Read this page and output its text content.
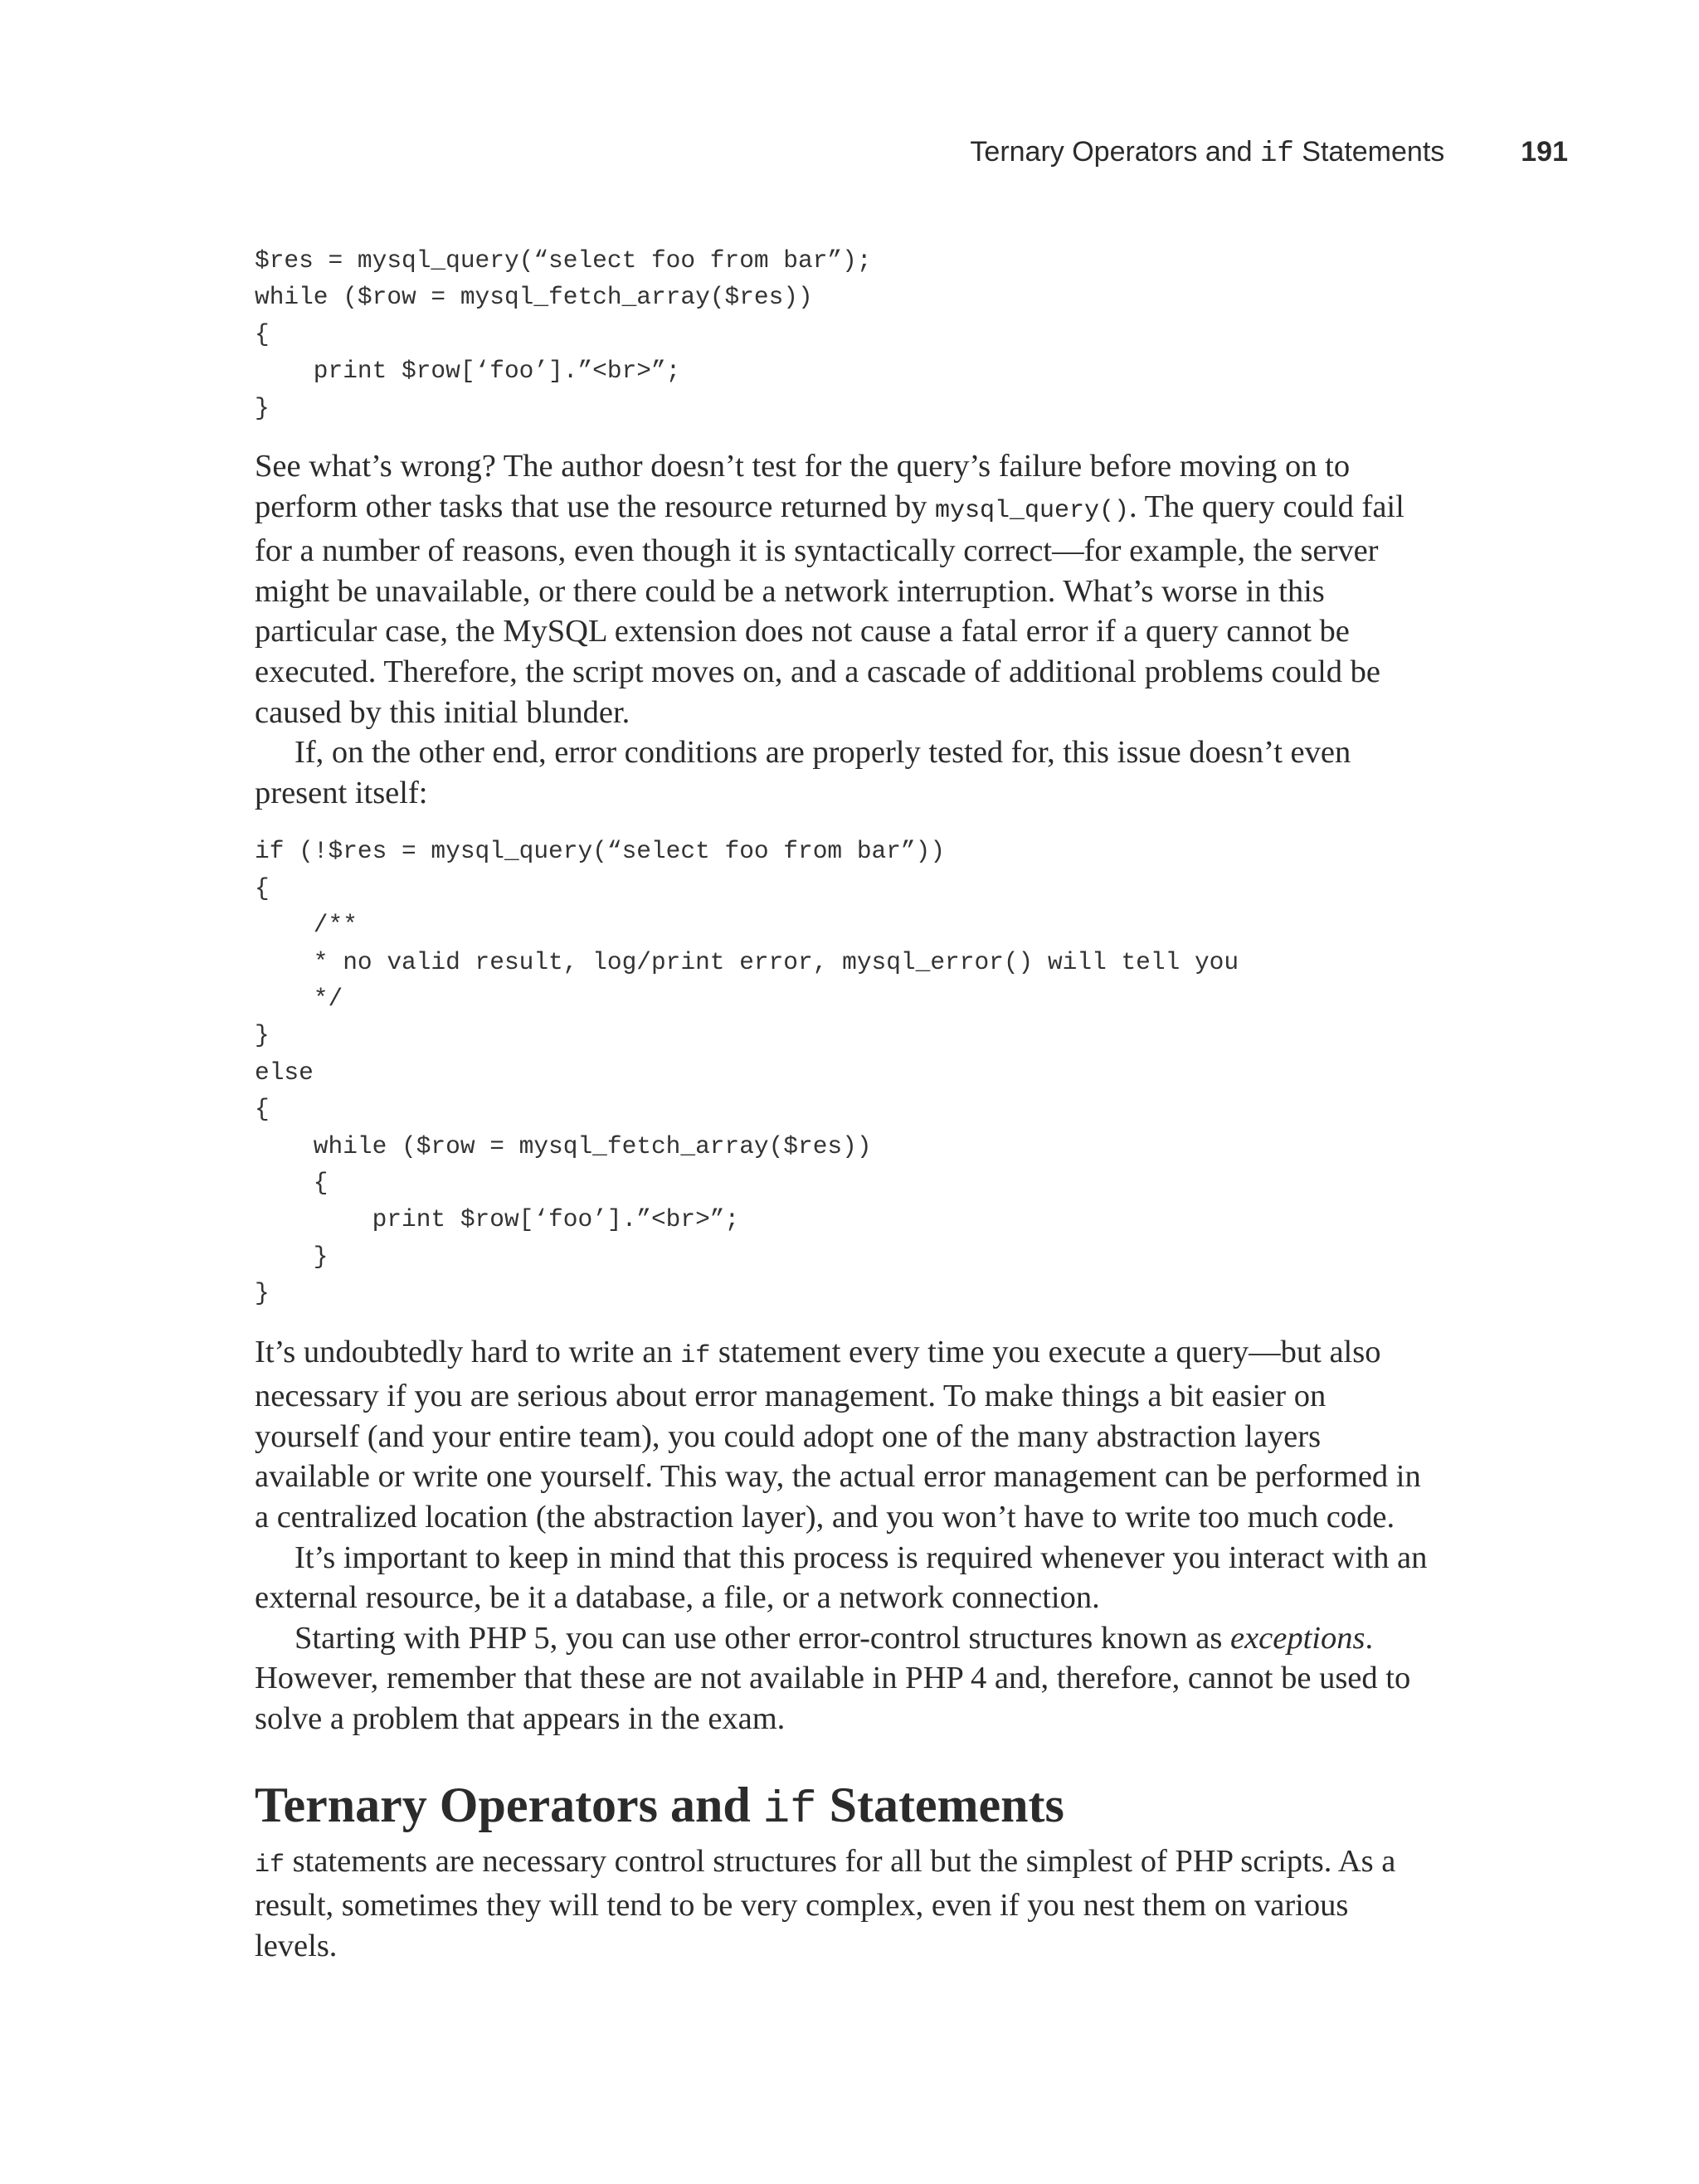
Ternary Operators and if Statements	191
$res = mysql_query(“select foo from bar”);
while ($row = mysql_fetch_array($res))
{
print $row[‘foo’].”<br>”;
}

See what’s wrong? The author doesn’t test for the query’s failure before moving on to perform other tasks that use the resource returned by mysql_query(). The query could fail for a number of reasons, even though it is syntactically correct—for example, the server might be unavailable, or there could be a network interruption. What’s worse in this particular case, the MySQL extension does not cause a fatal error if a query cannot be executed. Therefore, the script moves on, and a cascade of additional problems could be caused by this initial blunder.

If, on the other end, error conditions are properly tested for, this issue doesn’t even present itself:

if (!$res = mysql_query(“select foo from bar”))
{
/**
* no valid result, log/print error, mysql_error() will tell you
*/
}
else
{
while ($row = mysql_fetch_array($res))
{
print $row[‘foo’].”<br>”;
}
}

It’s undoubtedly hard to write an if statement every time you execute a query—but also necessary if you are serious about error management. To make things a bit easier on yourself (and your entire team), you could adopt one of the many abstraction layers available or write one yourself. This way, the actual error management can be performed in a centralized location (the abstraction layer), and you won’t have to write too much code.

It’s important to keep in mind that this process is required whenever you interact with an external resource, be it a database, a file, or a network connection.

Starting with PHP 5, you can use other error-control structures known as exceptions. However, remember that these are not available in PHP 4 and, therefore, cannot be used to solve a problem that appears in the exam.

Ternary Operators and if Statements

if statements are necessary control structures for all but the simplest of PHP scripts. As a result, sometimes they will tend to be very complex, even if you nest them on various levels.
